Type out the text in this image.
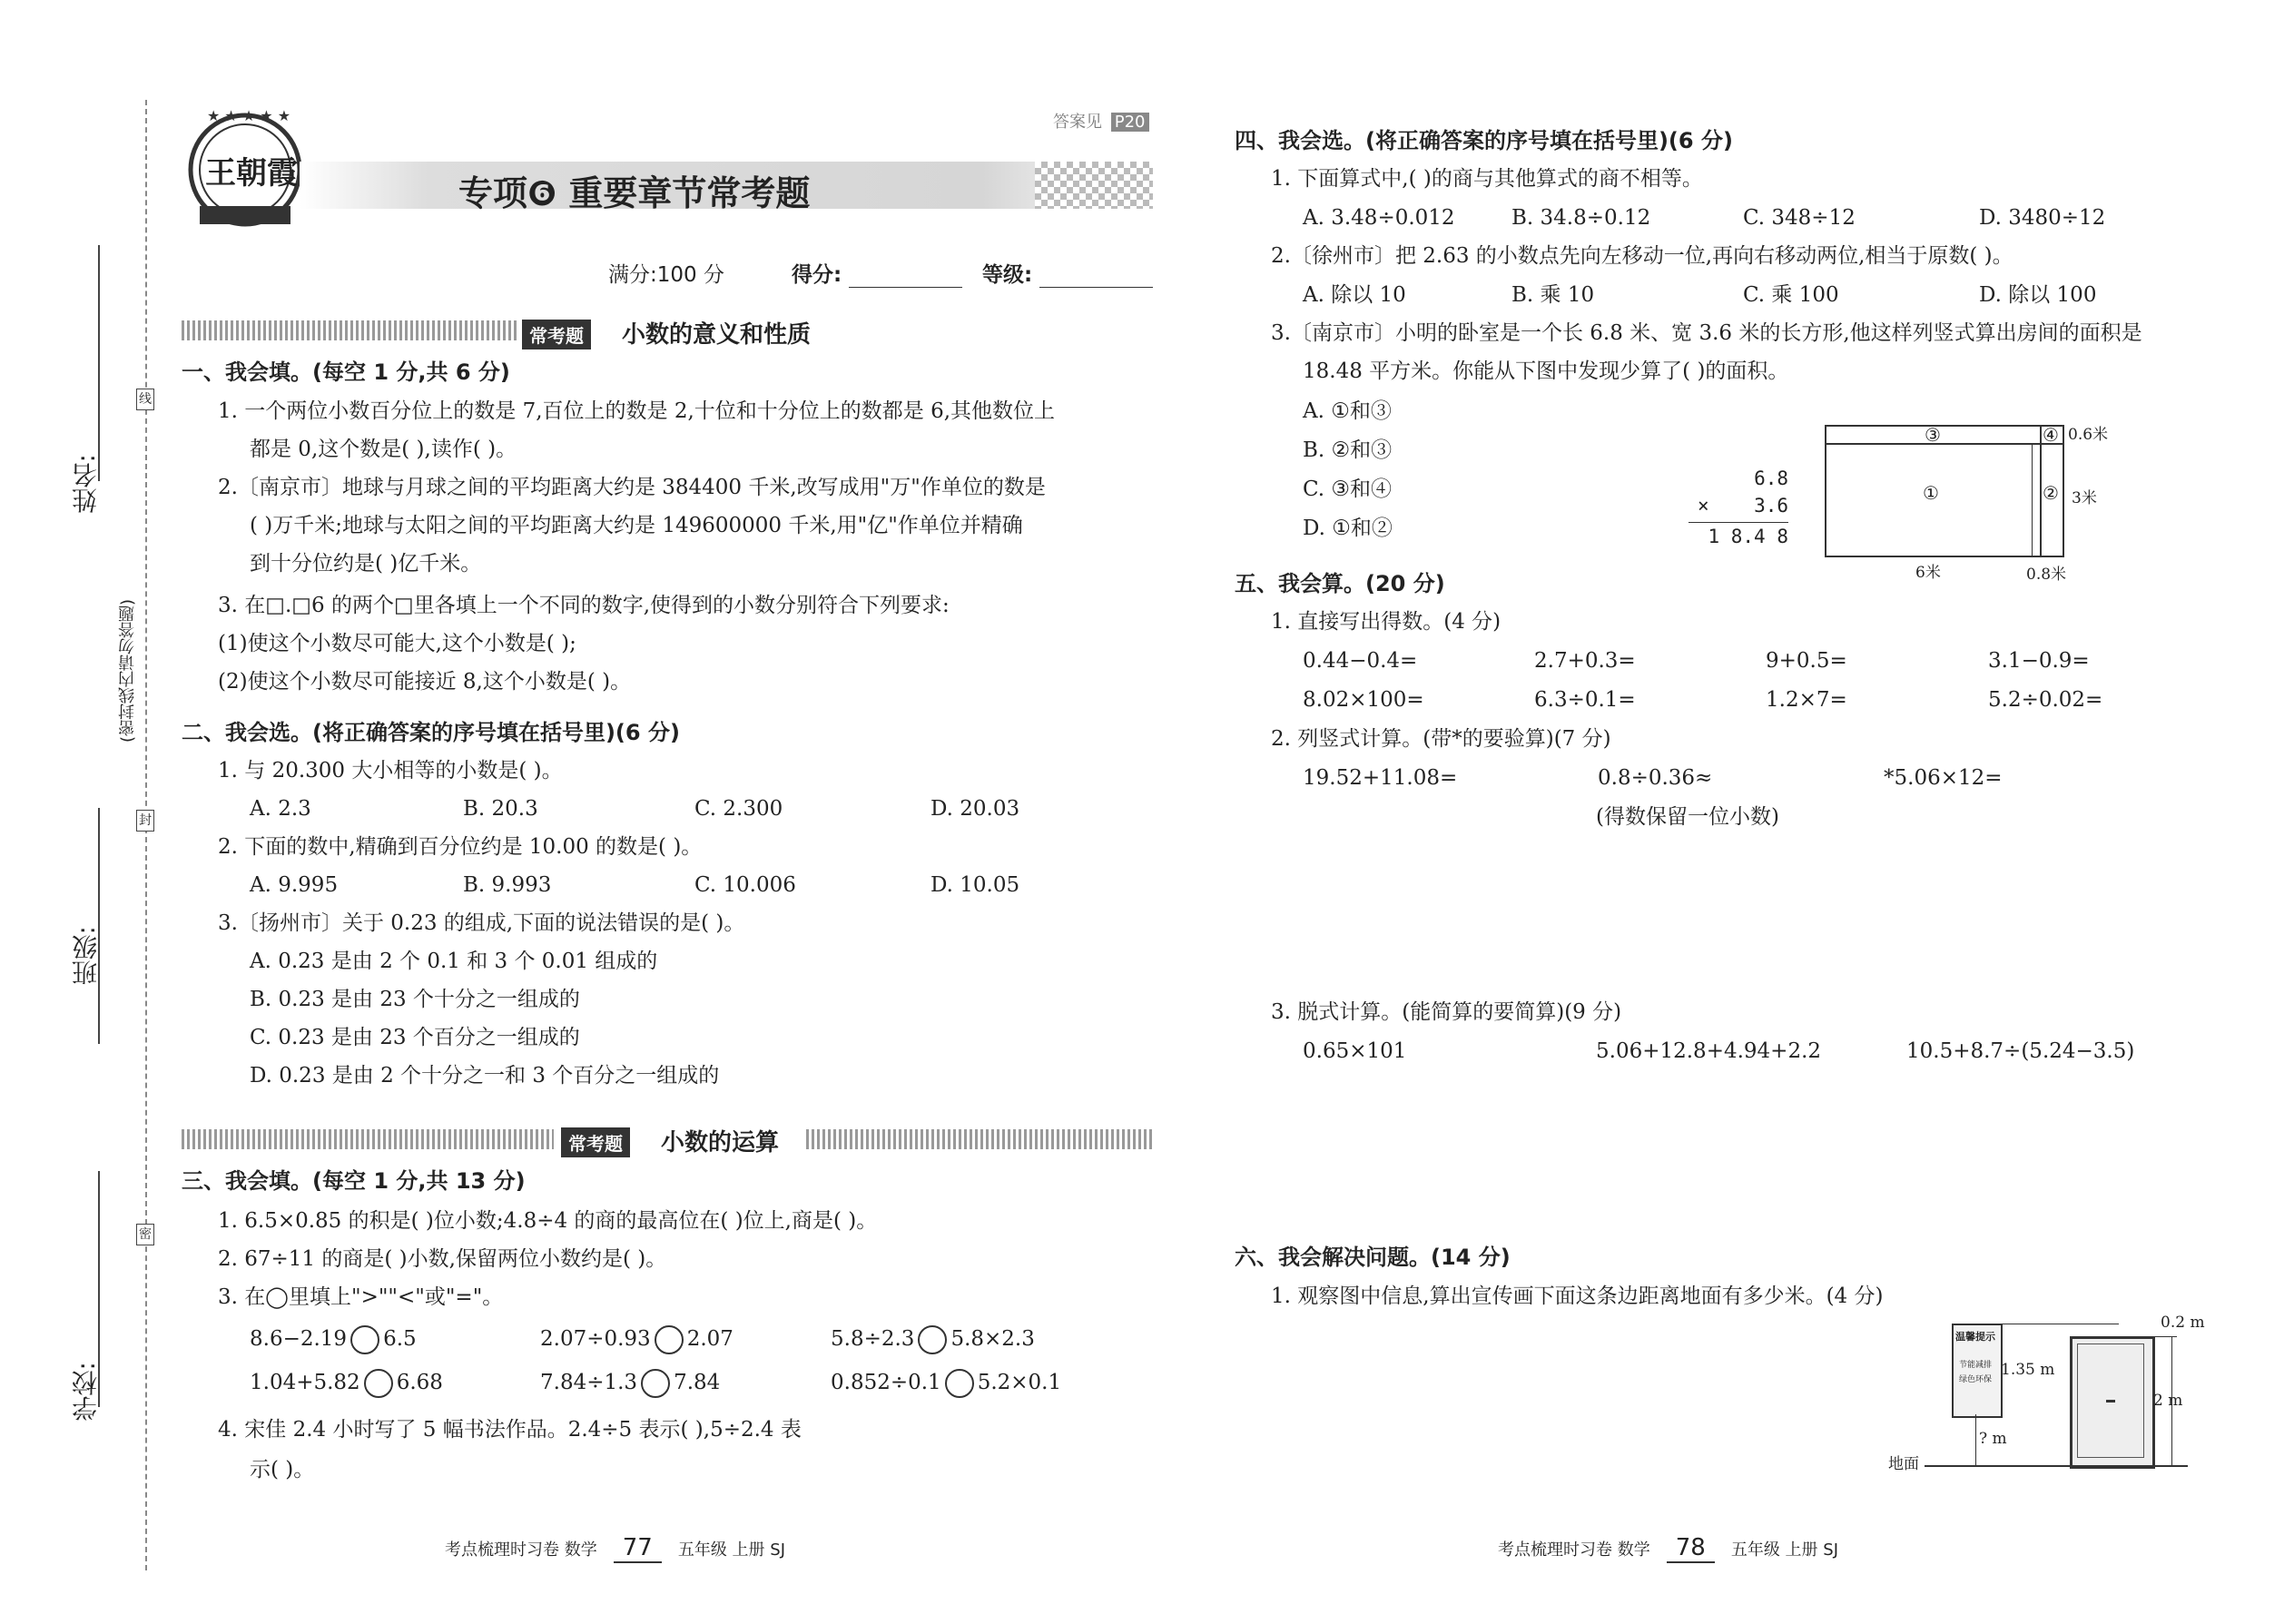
姓名:
班级:
学校:
(密封线内请勿答题)
线
封
密
★ ★ ★ ★ ★
王朝霞
答案见 P20
专项❻ 重要章节常考题
满分:100 分	得分:	等级:
常考题	小数的意义和性质
一、我会填。(每空 1 分,共 6 分)
1. 一个两位小数百分位上的数是 7,百位上的数是 2,十位和十分位上的数都是 6,其他数位上
都是 0,这个数是( ),读作( )。
2.〔南京市〕地球与月球之间的平均距离大约是 384400 千米,改写成用"万"作单位的数是
( )万千米;地球与太阳之间的平均距离大约是 149600000 千米,用"亿"作单位并精确
到十分位约是( )亿千米。
3. 在□.□6 的两个□里各填上一个不同的数字,使得到的小数分别符合下列要求:
(1)使这个小数尽可能大,这个小数是( );
(2)使这个小数尽可能接近 8,这个小数是( )。
二、我会选。(将正确答案的序号填在括号里)(6 分)
1. 与 20.300 大小相等的小数是( )。
A. 2.3	B. 20.3	C. 2.300	D. 20.03
2. 下面的数中,精确到百分位约是 10.00 的数是( )。
A. 9.995	B. 9.993	C. 10.006	D. 10.05
3.〔扬州市〕关于 0.23 的组成,下面的说法错误的是( )。
A. 0.23 是由 2 个 0.1 和 3 个 0.01 组成的
B. 0.23 是由 23 个十分之一组成的
C. 0.23 是由 23 个百分之一组成的
D. 0.23 是由 2 个十分之一和 3 个百分之一组成的
常考题	小数的运算
三、我会填。(每空 1 分,共 13 分)
1. 6.5×0.85 的积是( )位小数;4.8÷4 的商的最高位在( )位上,商是( )。
2. 67÷11 的商是( )小数,保留两位小数约是( )。
3. 在◯里填上">""<"或"="。
8.6−2.19 6.5	2.07÷0.93 2.07	5.8÷2.3 5.8×2.3
1.04+5.82 6.68	7.84÷1.3 7.84	0.852÷0.1 5.2×0.1
4. 宋佳 2.4 小时写了 5 幅书法作品。2.4÷5 表示( ),5÷2.4 表
示( )。
考点梳理时习卷 数学 77 五年级 上册 SJ
四、我会选。(将正确答案的序号填在括号里)(6 分)
1. 下面算式中,( )的商与其他算式的商不相等。
A. 3.48÷0.012	B. 34.8÷0.12	C. 348÷12	D. 3480÷12
2.〔徐州市〕把 2.63 的小数点先向左移动一位,再向右移动两位,相当于原数( )。
A. 除以 10	B. 乘 10	C. 乘 100	D. 除以 100
3.〔南京市〕小明的卧室是一个长 6.8 米、宽 3.6 米的长方形,他这样列竖式算出房间的面积是
18.48 平方米。你能从下图中发现少算了( )的面积。
A. ①和③
B. ②和③
C. ③和④
D. ①和②
6.8
× 3.6
1 8.4 8
③	④
①	②
0.6米
3米
6米	0.8米
五、我会算。(20 分)
1. 直接写出得数。(4 分)
0.44−0.4=	2.7+0.3=	9+0.5=	3.1−0.9=
8.02×100=	6.3÷0.1=	1.2×7=	5.2÷0.02=
2. 列竖式计算。(带*的要验算)(7 分)
19.52+11.08=	0.8÷0.36≈	*5.06×12=
(得数保留一位小数)
3. 脱式计算。(能简算的要简算)(9 分)
0.65×101	5.06+12.8+4.94+2.2	10.5+8.7÷(5.24−3.5)
六、我会解决问题。(14 分)
1. 观察图中信息,算出宣传画下面这条边距离地面有多少米。(4 分)
温馨提示
节能减排
绿色环保
0.2 m
1.35 m
2 m
? m
地面
考点梳理时习卷 数学 78 五年级 上册 SJ
